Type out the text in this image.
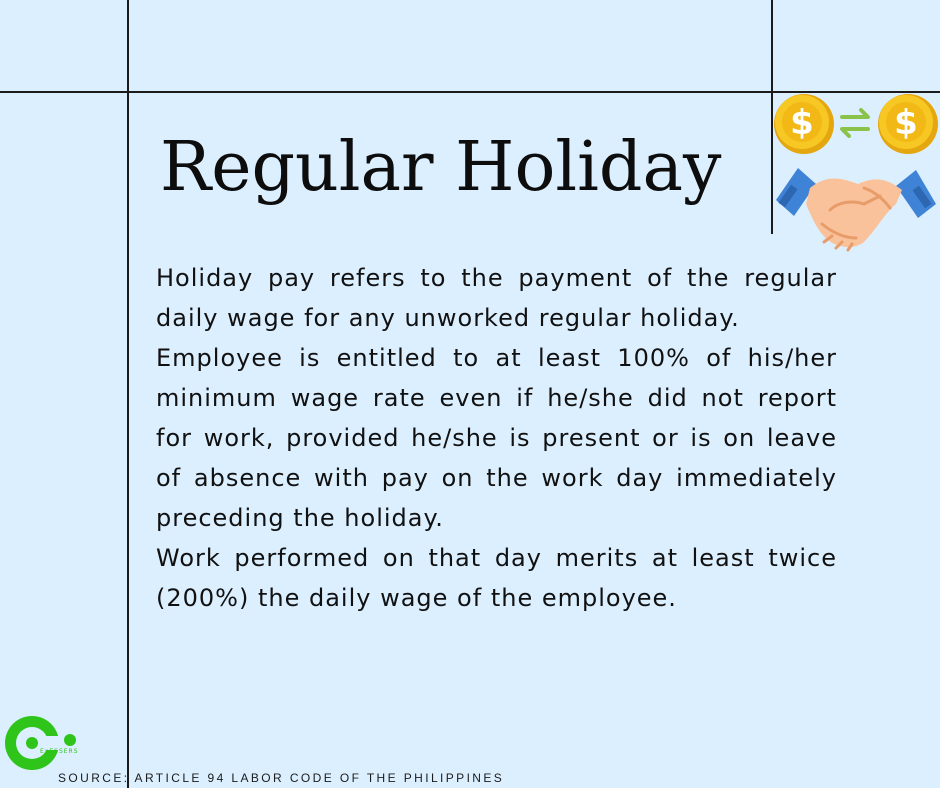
Regular Holiday
$ $

Holiday pay refers to the payment of the regular daily wage for any unworked regular holiday.

Employee is entitled to at least 100% of his/her minimum wage rate even if he/she did not report for work, provided he/she is present or is on leave of absence with pay on the work day immediately preceding the holiday.

Work performed on that day merits at least twice (200%) the daily wage of the employee.

ExESSERS
SOURCE: ARTICLE 94 LABOR CODE OF THE PHILIPPINES
